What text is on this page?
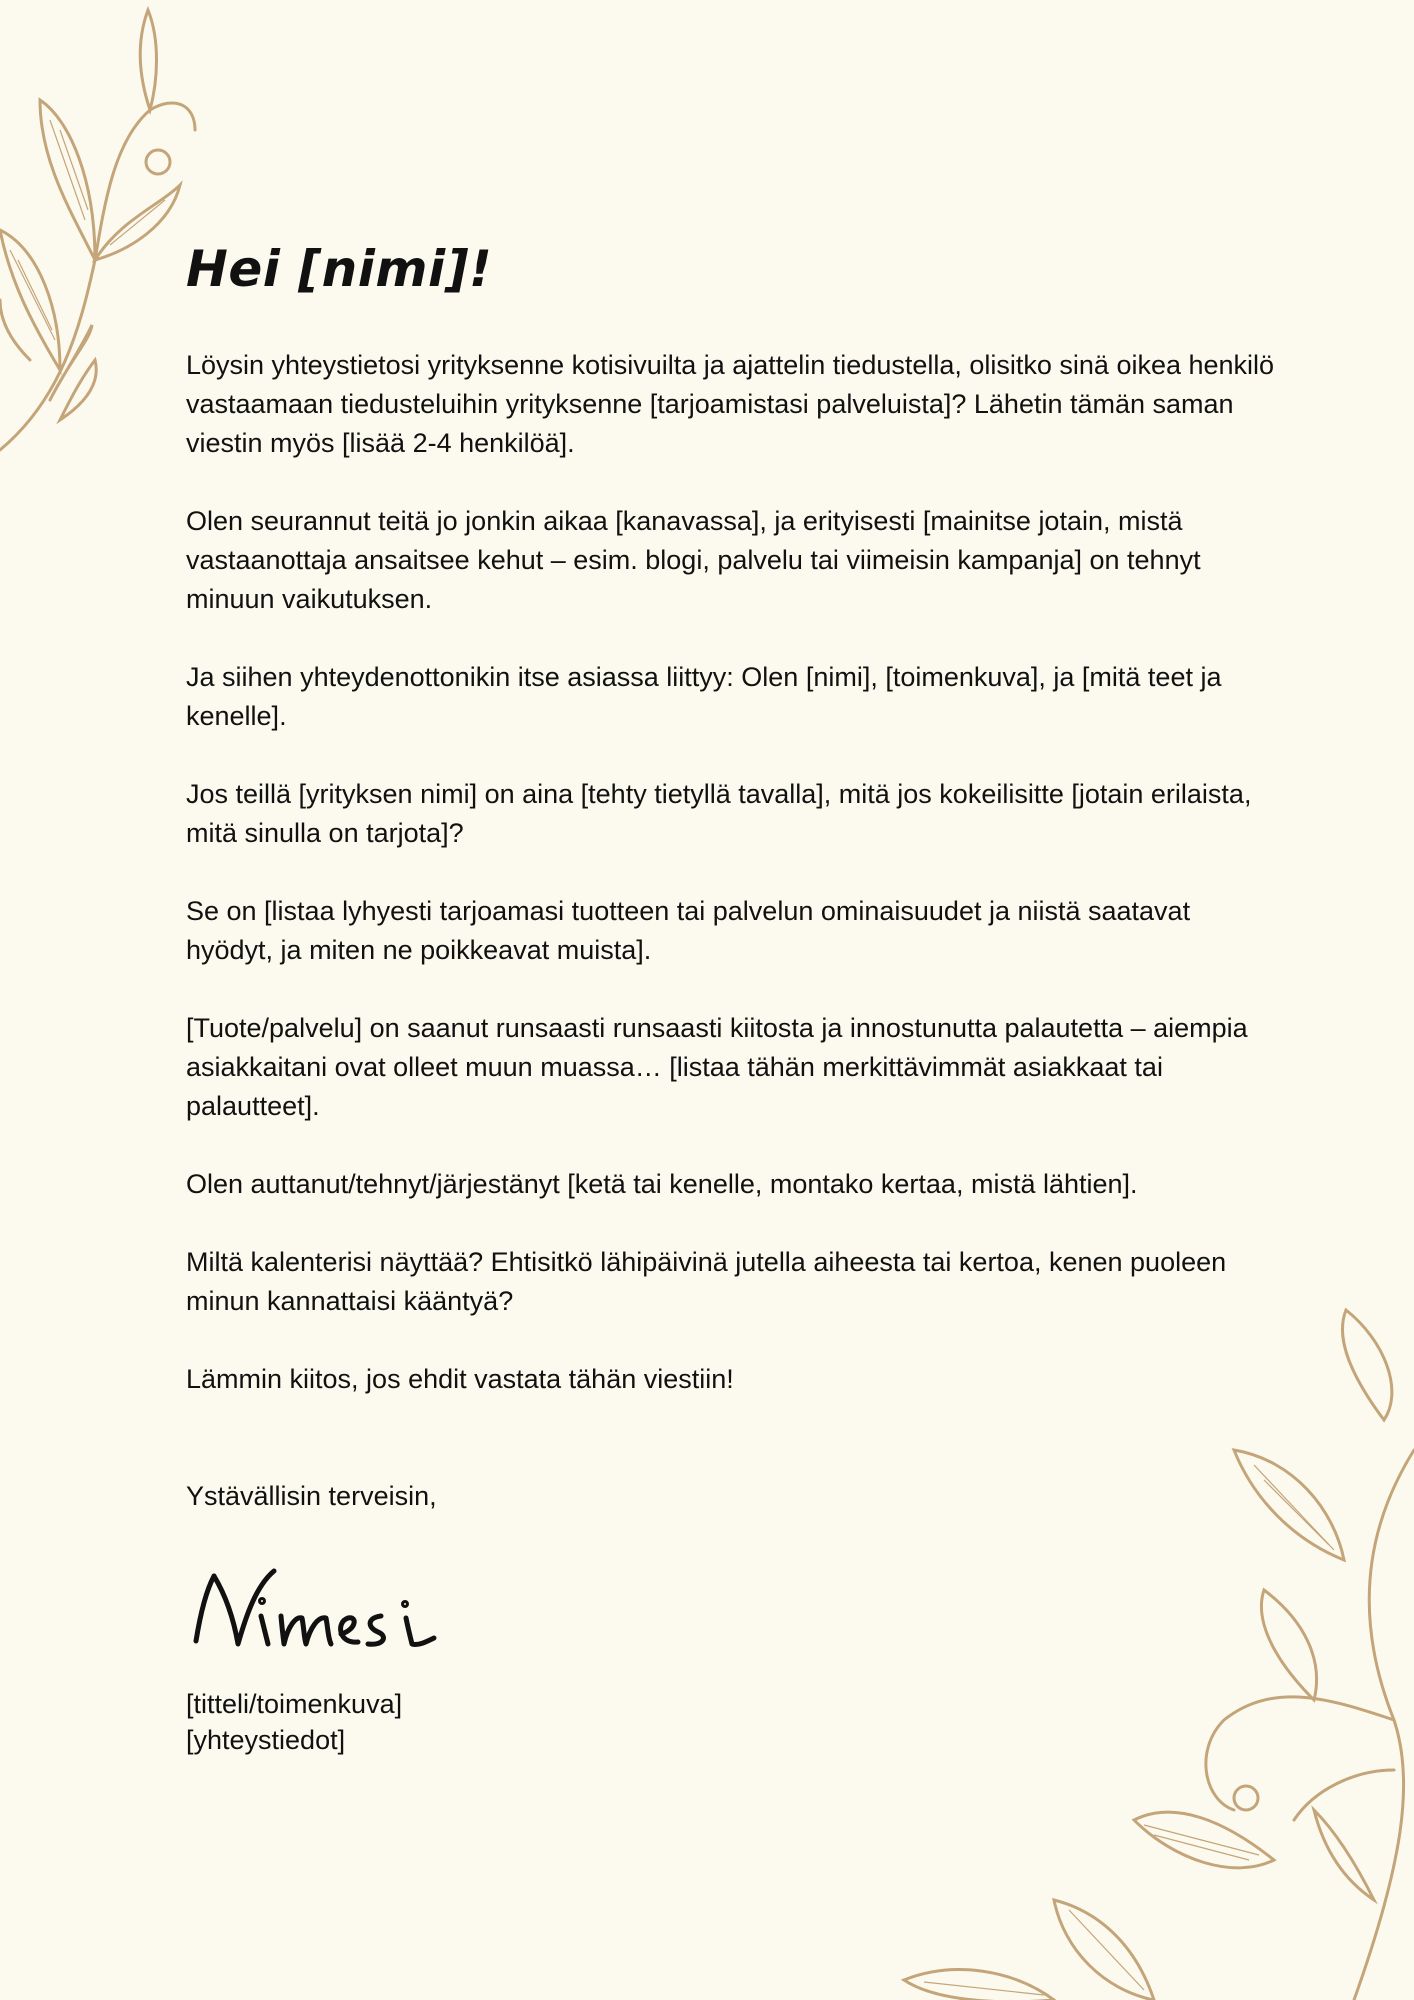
Hei [nimi]!

Löysin yhteystietosi yrityksenne kotisivuilta ja ajattelin tiedustella, olisitko sinä oikea henkilö vastaamaan tiedusteluihin yrityksenne [tarjoamistasi palveluista]? Lähetin tämän saman viestin myös [lisää 2-4 henkilöä].

Olen seurannut teitä jo jonkin aikaa [kanavassa], ja erityisesti [mainitse jotain, mistä vastaanottaja ansaitsee kehut – esim. blogi, palvelu tai viimeisin kampanja] on tehnyt minuun vaikutuksen.

Ja siihen yhteydenottonikin itse asiassa liittyy: Olen [nimi], [toimenkuva], ja [mitä teet ja kenelle].

Jos teillä [yrityksen nimi] on aina [tehty tietyllä tavalla], mitä jos kokeilisitte [jotain erilaista, mitä sinulla on tarjota]?

Se on [listaa lyhyesti tarjoamasi tuotteen tai palvelun ominaisuudet ja niistä saatavat hyödyt, ja miten ne poikkeavat muista].

[Tuote/palvelu] on saanut runsaasti runsaasti kiitosta ja innostunutta palautetta – aiempia asiakkaitani ovat olleet muun muassa… [listaa tähän merkittävimmät asiakkaat tai palautteet].

Olen auttanut/tehnyt/järjestänyt [ketä tai kenelle, montako kertaa, mistä lähtien].

Miltä kalenterisi näyttää? Ehtisitkö lähipäivinä jutella aiheesta tai kertoa, kenen puoleen minun kannattaisi kääntyä?

Lämmin kiitos, jos ehdit vastata tähän viestiin!

Ystävällisin terveisin,
[titteli/toimenkuva]
[yhteystiedot]
